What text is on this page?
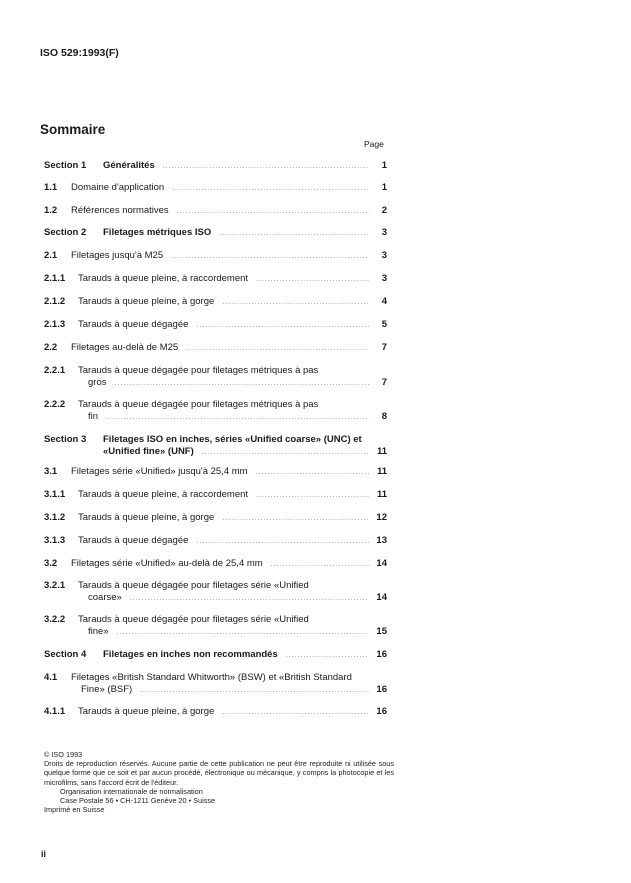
ISO 529:1993(F)
Sommaire
Page
Section 1 Généralités .....	1
1.1 Domaine d'application .....	1
1.2 Références normatives .....	2
Section 2 Filetages métriques ISO .....	3
2.1 Filetages jusqu'à M25 .....	3
2.1.1 Tarauds à queue pleine, à raccordement .....	3
2.1.2 Tarauds à queue pleine, à gorge .....	4
2.1.3 Tarauds à queue dégagée .....	5
2.2 Filetages au-delà de M25 .....	7
2.2.1 Tarauds à queue dégagée pour filetages métriques à pas
gros .....	7
2.2.2 Tarauds à queue dégagée pour filetages métriques à pas
fin .....	8
Section 3 Filetages ISO en inches, séries «Unified coarse» (UNC) et
«Unified fine» (UNF) .....	11
3.1 Filetages série «Unified» jusqu'à 25,4 mm .....	11
3.1.1 Tarauds à queue pleine, à raccordement .....	11
3.1.2 Tarauds à queue pleine, à gorge .....	12
3.1.3 Tarauds à queue dégagée .....	13
3.2 Filetages série «Unified» au-delà de 25,4 mm .....	14
3.2.1 Tarauds à queue dégagée pour filetages série «Unified
coarse» .....	14
3.2.2 Tarauds à queue dégagée pour filetages série «Unified
fine» .....	15
Section 4 Filetages en inches non recommandés .....	16
4.1 Filetages «British Standard Whitworth» (BSW) et «British Standard
Fine» (BSF) .....	16
4.1.1 Tarauds à queue pleine, à gorge .....	16
© ISO 1993
Droits de reproduction réservés. Aucune partie de cette publication ne peut être reproduite ni utilisée sous quelque forme que ce soit et par aucun procédé, électronique ou mécanique, y compris la photocopie et les microfilms, sans l'accord écrit de l'éditeur.
Organisation internationale de normalisation
Case Postale 56 • CH-1211 Genève 20 • Suisse
Imprimé en Suisse
ii
